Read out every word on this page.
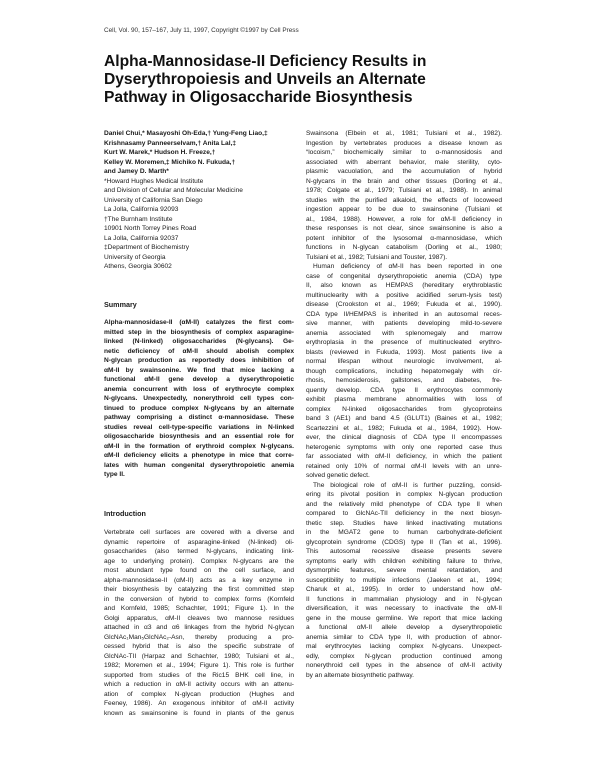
Cell, Vol. 90, 157–167, July 11, 1997, Copyright ©1997 by Cell Press
Alpha-Mannosidase-II Deficiency Results in
Dyserythropoiesis and Unveils an Alternate
Pathway in Oligosaccharide Biosynthesis
Daniel Chui,* Masayoshi Oh-Eda,† Yung-Feng Liao,‡
Krishnasamy Panneerselvam,† Anita Lal,‡
Kurt W. Marek,* Hudson H. Freeze,†
Kelley W. Moremen,‡ Michiko N. Fukuda,†
and Jamey D. Marth*
*Howard Hughes Medical Institute
and Division of Cellular and Molecular Medicine
University of California San Diego
La Jolla, California 92093
†The Burnham Institute
10901 North Torrey Pines Road
La Jolla, California 92037
‡Department of Biochemistry
University of Georgia
Athens, Georgia 30602
Summary
Alpha-mannosidase-II (αM-II) catalyzes the first com-
mitted step in the biosynthesis of complex asparagine-
linked (N-linked) oligosaccharides (N-glycans). Ge-
netic deficiency of αM-II should abolish complex
N-glycan production as reportedly does inhibition of
αM-II by swainsonine. We find that mice lacking a
functional αM-II gene develop a dyserythropoietic
anemia concurrent with loss of erythrocyte complex
N-glycans. Unexpectedly, nonerythroid cell types con-
tinued to produce complex N-glycans by an alternate
pathway comprising a distinct α-mannosidase. These
studies reveal cell-type-specific variations in N-linked
oligosaccharide biosynthesis and an essential role for
αM-II in the formation of erythroid complex N-glycans.
αM-II deficiency elicits a phenotype in mice that corre-
lates with human congenital dyserythropoietic anemia
type II.
Introduction
Vertebrate cell surfaces are covered with a diverse and
dynamic repertoire of asparagine-linked (N-linked) oli-
gosaccharides (also termed N-glycans, indicating link-
age to underlying protein). Complex N-glycans are the
most abundant type found on the cell surface, and
alpha-mannosidase-II (αM-II) acts as a key enzyme in
their biosynthesis by catalyzing the first committed step
in the conversion of hybrid to complex forms (Kornfeld
and Kornfeld, 1985; Schachter, 1991; Figure 1). In the
Golgi apparatus, αM-II cleaves two mannose residues
attached in α3 and α6 linkages from the hybrid N-glycan
GlcNAc₁Man₅GlcNAc₂-Asn, thereby producing a pro-
cessed hybrid that is also the specific substrate of
GlcNAc-TII (Harpaz and Schachter, 1980; Tulsiani et al.,
1982; Moremen et al., 1994; Figure 1). This role is further
supported from studies of the Ric15 BHK cell line, in
which a reduction in αM-II activity occurs with an attenu-
ation of complex N-glycan production (Hughes and
Feeney, 1986). An exogenous inhibitor of αM-II activity
known as swainsonine is found in plants of the genus
Swainsona (Elbein et al., 1981; Tulsiani et al., 1982).
Ingestion by vertebrates produces a disease known as
“locoism,” biochemically similar to α-mannosidosis and
associated with aberrant behavior, male sterility, cyto-
plasmic vacuolation, and the accumulation of hybrid
N-glycans in the brain and other tissues (Dorling et al.,
1978; Colgate et al., 1979; Tulsiani et al., 1988). In animal
studies with the purified alkaloid, the effects of locoweed
ingestion appear to be due to swainsonine (Tulsiani et
al., 1984, 1988). However, a role for αM-II deficiency in
these responses is not clear, since swainsonine is also a
potent inhibitor of the lysosomal α-mannosidase, which
functions in N-glycan catabolism (Dorling et al., 1980;
Tulsiani et al., 1982; Tulsiani and Touster, 1987).
Human deficiency of αM-II has been reported in one
case of congenital dyserythropoietic anemia (CDA) type
II, also known as HEMPAS (hereditary erythroblastic
multinuclearity with a positive acidified serum-lysis test)
disease (Crookston et al., 1969; Fukuda et al., 1990).
CDA type II/HEMPAS is inherited in an autosomal reces-
sive manner, with patients developing mild-to-severe
anemia associated with splenomegaly and marrow
erythroplasia in the presence of multinucleated erythro-
blasts (reviewed in Fukuda, 1993). Most patients live a
normal lifespan without neurologic involvement, al-
though complications, including hepatomegaly with cir-
rhosis, hemosiderosis, gallstones, and diabetes, fre-
quently develop. CDA type II erythrocytes commonly
exhibit plasma membrane abnormalities with loss of
complex N-linked oligosaccharides from glycoproteins
band 3 (AE1) and band 4.5 (GLUT1) (Baines et al., 1982;
Scartezzini et al., 1982; Fukuda et al., 1984, 1992). How-
ever, the clinical diagnosis of CDA type II encompasses
heterogenic symptoms with only one reported case thus
far associated with αM-II deficiency, in which the patient
retained only 10% of normal αM-II levels with an unre-
solved genetic defect.
The biological role of αM-II is further puzzling, consid-
ering its pivotal position in complex N-glycan production
and the relatively mild phenotype of CDA type II when
compared to GlcNAc-TII deficiency in the next biosyn-
thetic step. Studies have linked inactivating mutations
in the MGAT2 gene to human carbohydrate-deficient
glycoprotein syndrome (CDGS) type II (Tan et al., 1996).
This autosomal recessive disease presents severe
symptoms early with children exhibiting failure to thrive,
dysmorphic features, severe mental retardation, and
susceptibility to multiple infections (Jaeken et al., 1994;
Charuk et al., 1995). In order to understand how αM-
II functions in mammalian physiology and in N-glycan
diversification, it was necessary to inactivate the αM-II
gene in the mouse germline. We report that mice lacking
a functional αM-II allele develop a dyserythropoietic
anemia similar to CDA type II, with production of abnor-
mal erythrocytes lacking complex N-glycans. Unexpect-
edly, complex N-glycan production continued among
nonerythroid cell types in the absence of αM-II activity
by an alternate biosynthetic pathway.
